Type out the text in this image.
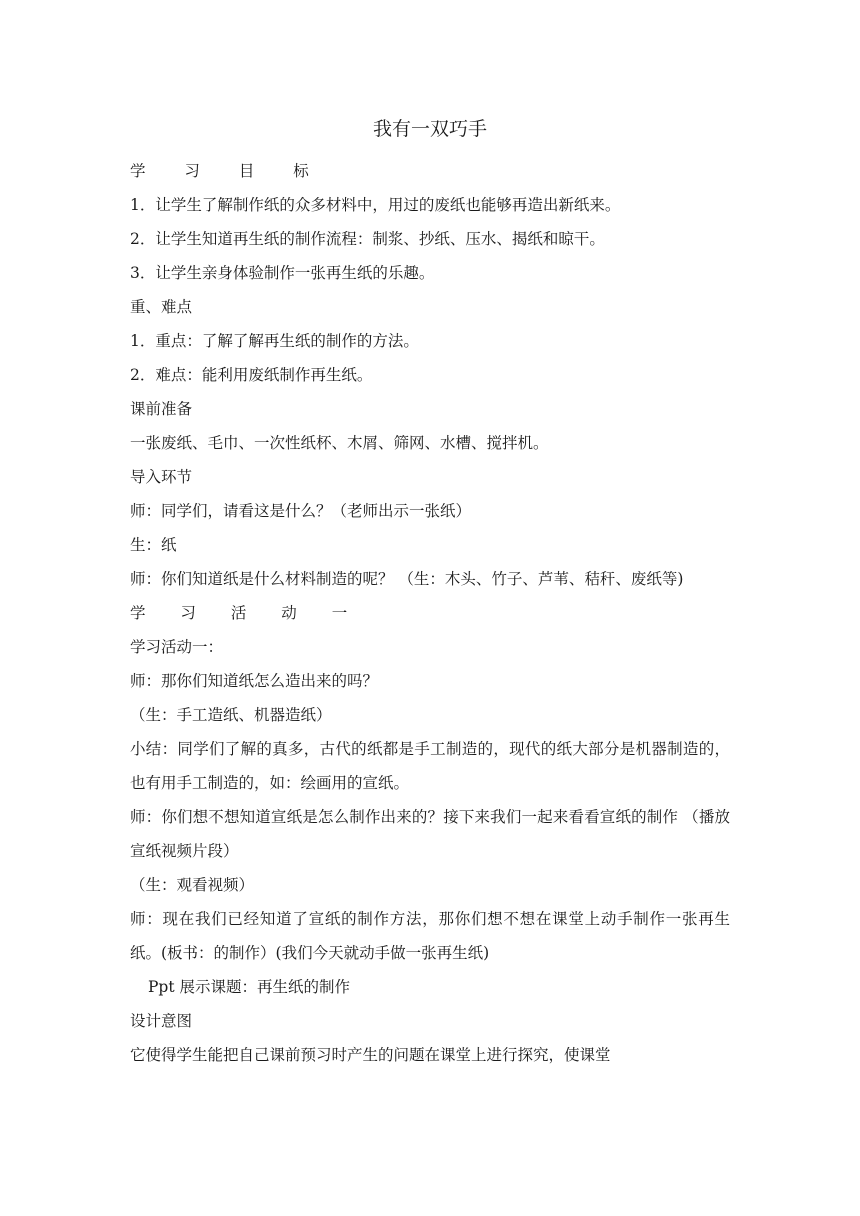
我有一双巧手
学 习 目 标
1．让学生了解制作纸的众多材料中，用过的废纸也能够再造出新纸来。
2．让学生知道再生纸的制作流程：制浆、抄纸、压水、揭纸和晾干。
3．让学生亲身体验制作一张再生纸的乐趣。
重、难点
1．重点：了解了解再生纸的制作的方法。
2．难点：能利用废纸制作再生纸。
课前准备
一张废纸、毛巾、一次性纸杯、木屑、筛网、水槽、搅拌机。
导入环节
师：同学们，请看这是什么？（老师出示一张纸）
生：纸
师：你们知道纸是什么材料制造的呢？ （生：木头、竹子、芦苇、秸秆、废纸等)
学 习 活 动 一
学习活动一：
师：那你们知道纸怎么造出来的吗？
（生：手工造纸、机器造纸）
小结：同学们了解的真多，古代的纸都是手工制造的，现代的纸大部分是机器制造的，也有用手工制造的，如：绘画用的宣纸。
师：你们想不想知道宣纸是怎么制作出来的？接下来我们一起来看看宣纸的制作 （播放宣纸视频片段）
（生：观看视频）
师：现在我们已经知道了宣纸的制作方法，那你们想不想在课堂上动手制作一张再生纸。(板书：的制作）(我们今天就动手做一张再生纸)
Ppt 展示课题：再生纸的制作
设计意图
它使得学生能把自己课前预习时产生的问题在课堂上进行探究，使课堂
